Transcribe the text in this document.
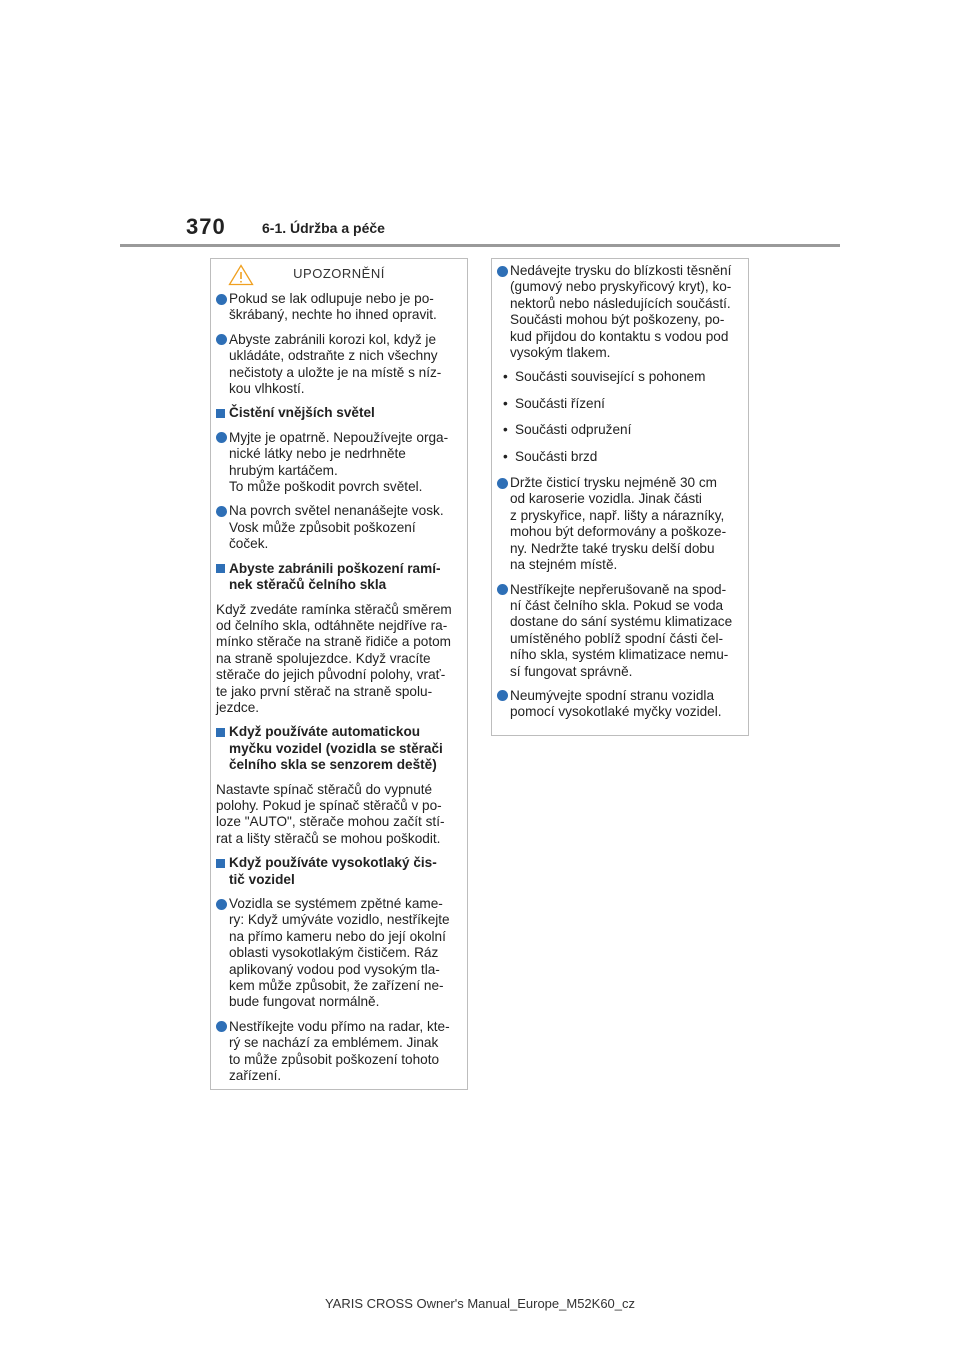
370	6-1. Údržba a péče
UPOZORNĚNÍ
Pokud se lak odlupuje nebo je po-
škrábaný, nechte ho ihned opravit.
Abyste zabránili korozi kol, když je
ukládáte, odstraňte z nich všechny
nečistoty a uložte je na místě s níz-
kou vlhkostí.
Čistění vnějších světel
Myjte je opatrně. Nepoužívejte orga-
nické látky nebo je nedrhněte
hrubým kartáčem.
To může poškodit povrch světel.
Na povrch světel nenanášejte vosk.
Vosk může způsobit poškození
čoček.
Abyste zabránili poškození ramí-
nek stěračů čelního skla
Když zvedáte ramínka stěračů směrem
od čelního skla, odtáhněte nejdříve ra-
mínko stěrače na straně řidiče a potom
na straně spolujezdce. Když vracíte
stěrače do jejich původní polohy, vrať-
te jako první stěrač na straně spolu-
jezdce.
Když používáte automatickou
myčku vozidel (vozidla se stěrači
čelního skla se senzorem deště)
Nastavte spínač stěračů do vypnuté
polohy. Pokud je spínač stěračů v po-
loze "AUTO", stěrače mohou začít stí-
rat a lišty stěračů se mohou poškodit.
Když používáte vysokotlaký čis-
tič vozidel
Vozidla se systémem zpětné kame-
ry: Když umýváte vozidlo, nestříkejte
na přímo kameru nebo do její okolní
oblasti vysokotlakým čističem. Ráz
aplikovaný vodou pod vysokým tla-
kem může způsobit, že zařízení ne-
bude fungovat normálně.
Nestříkejte vodu přímo na radar, kte-
rý se nachází za emblémem. Jinak
to může způsobit poškození tohoto
zařízení.
Nedávejte trysku do blízkosti těsnění
(gumový nebo pryskyřicový kryt), ko-
nektorů nebo následujících součástí.
Součásti mohou být poškozeny, po-
kud přijdou do kontaktu s vodou pod
vysokým tlakem.
• Součásti související s pohonem
• Součásti řízení
• Součásti odpružení
• Součásti brzd
Držte čisticí trysku nejméně 30 cm
od karoserie vozidla. Jinak části
z pryskyřice, např. lišty a nárazníky,
mohou být deformovány a poškoze-
ny. Nedržte také trysku delší dobu
na stejném místě.
Nestříkejte nepřerušovaně na spod-
ní část čelního skla. Pokud se voda
dostane do sání systému klimatizace
umístěného poblíž spodní části čel-
ního skla, systém klimatizace nemu-
sí fungovat správně.
Neumývejte spodní stranu vozidla
pomocí vysokotlaké myčky vozidel.
YARIS CROSS Owner's Manual_Europe_M52K60_cz
